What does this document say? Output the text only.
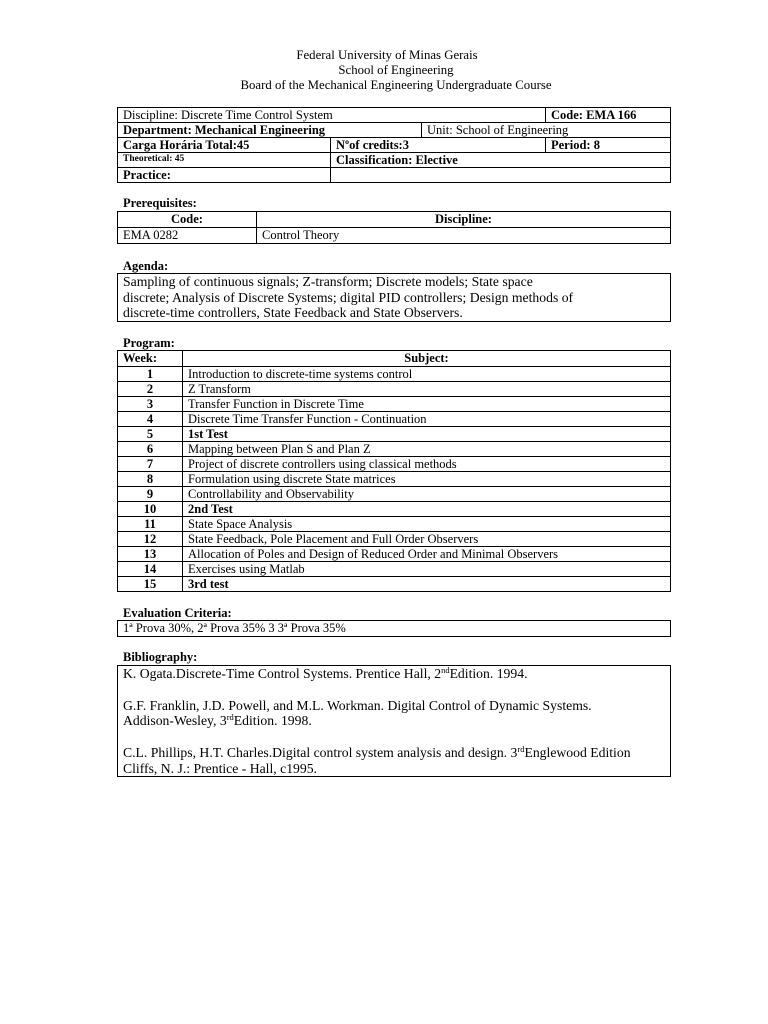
Federal University of Minas Gerais
School of Engineering
Board of the Mechanical Engineering Undergraduate Course
Discipline: Discrete Time Control System	Code: EMA 166
Department: Mechanical Engineering	Unit: School of Engineering
Carga Horária Total:45	Nºof credits:3	Period: 8
Theoretical: 45	Classification: Elective
Practice:
Prerequisites:
Code:	Discipline:
EMA 0282	Control Theory
Agenda:
Sampling of continuous signals; Z-transform; Discrete models; State space
discrete; Analysis of Discrete Systems; digital PID controllers; Design methods of
discrete-time controllers, State Feedback and State Observers.
Program:
Week:	Subject:
1	Introduction to discrete-time systems control
2	Z Transform
3	Transfer Function in Discrete Time
4	Discrete Time Transfer Function - Continuation
5	1st Test
6	Mapping between Plan S and Plan Z
7	Project of discrete controllers using classical methods
8	Formulation using discrete State matrices
9	Controllability and Observability
10	2nd Test
11	State Space Analysis
12	State Feedback, Pole Placement and Full Order Observers
13	Allocation of Poles and Design of Reduced Order and Minimal Observers
14	Exercises using Matlab
15	3rd test
Evaluation Criteria:
1ª Prova 30%, 2ª Prova 35% 3 3ª Prova 35%
Bibliography:
K. Ogata.Discrete-Time Control Systems. Prentice Hall, 2ndEdition. 1994.
G.F. Franklin, J.D. Powell, and M.L. Workman. Digital Control of Dynamic Systems.
Addison-Wesley, 3rdEdition. 1998.
C.L. Phillips, H.T. Charles.Digital control system analysis and design. 3rdEnglewood Edition
Cliffs, N. J.: Prentice - Hall, c1995.
